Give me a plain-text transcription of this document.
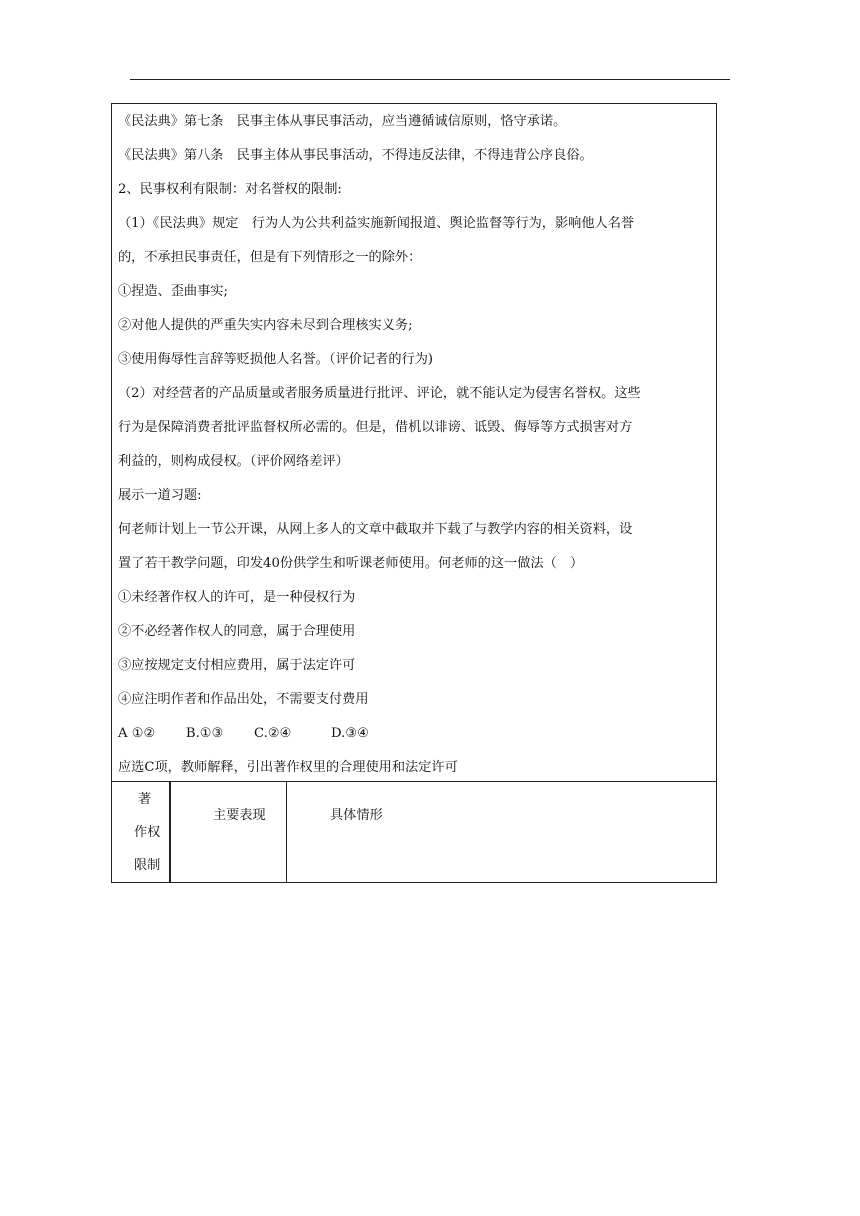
《民法典》第七条　民事主体从事民事活动，应当遵循诚信原则，恪守承诺。

《民法典》第八条　民事主体从事民事活动，不得违反法律，不得违背公序良俗。

2、民事权利有限制：对名誉权的限制:

（1）《民法典》规定　行为人为公共利益实施新闻报道、舆论监督等行为，影响他人名誉

的，不承担民事责任，但是有下列情形之一的除外：

①捏造、歪曲事实;

②对他人提供的严重失实内容未尽到合理核实义务;

③使用侮辱性言辞等贬损他人名誉。（评价记者的行为)

（2）对经营者的产品质量或者服务质量进行批评、评论，就不能认定为侵害名誉权。这些

行为是保障消费者批评监督权所必需的。但是，借机以诽谤、诋毁、侮辱等方式损害对方

利益的，则构成侵权。（评价网络差评）

展示一道习题:

何老师计划上一节公开课，从网上多人的文章中截取并下载了与教学内容的相关资料，设

置了若干教学问题，印发40份供学生和听课老师使用。何老师的这一做法（　）

①未经著作权人的许可，是一种侵权行为

②不必经著作权人的同意，属于合理使用

③应按规定支付相应费用，属于法定许可

④应注明作者和作品出处，不需要支付费用

A ①②　　 B.①③　　 C.②④　　　D.③④

应选C项，教师解释，引出著作权里的合理使用和法定许可

著
作权
限制
主要表现	具体情形
